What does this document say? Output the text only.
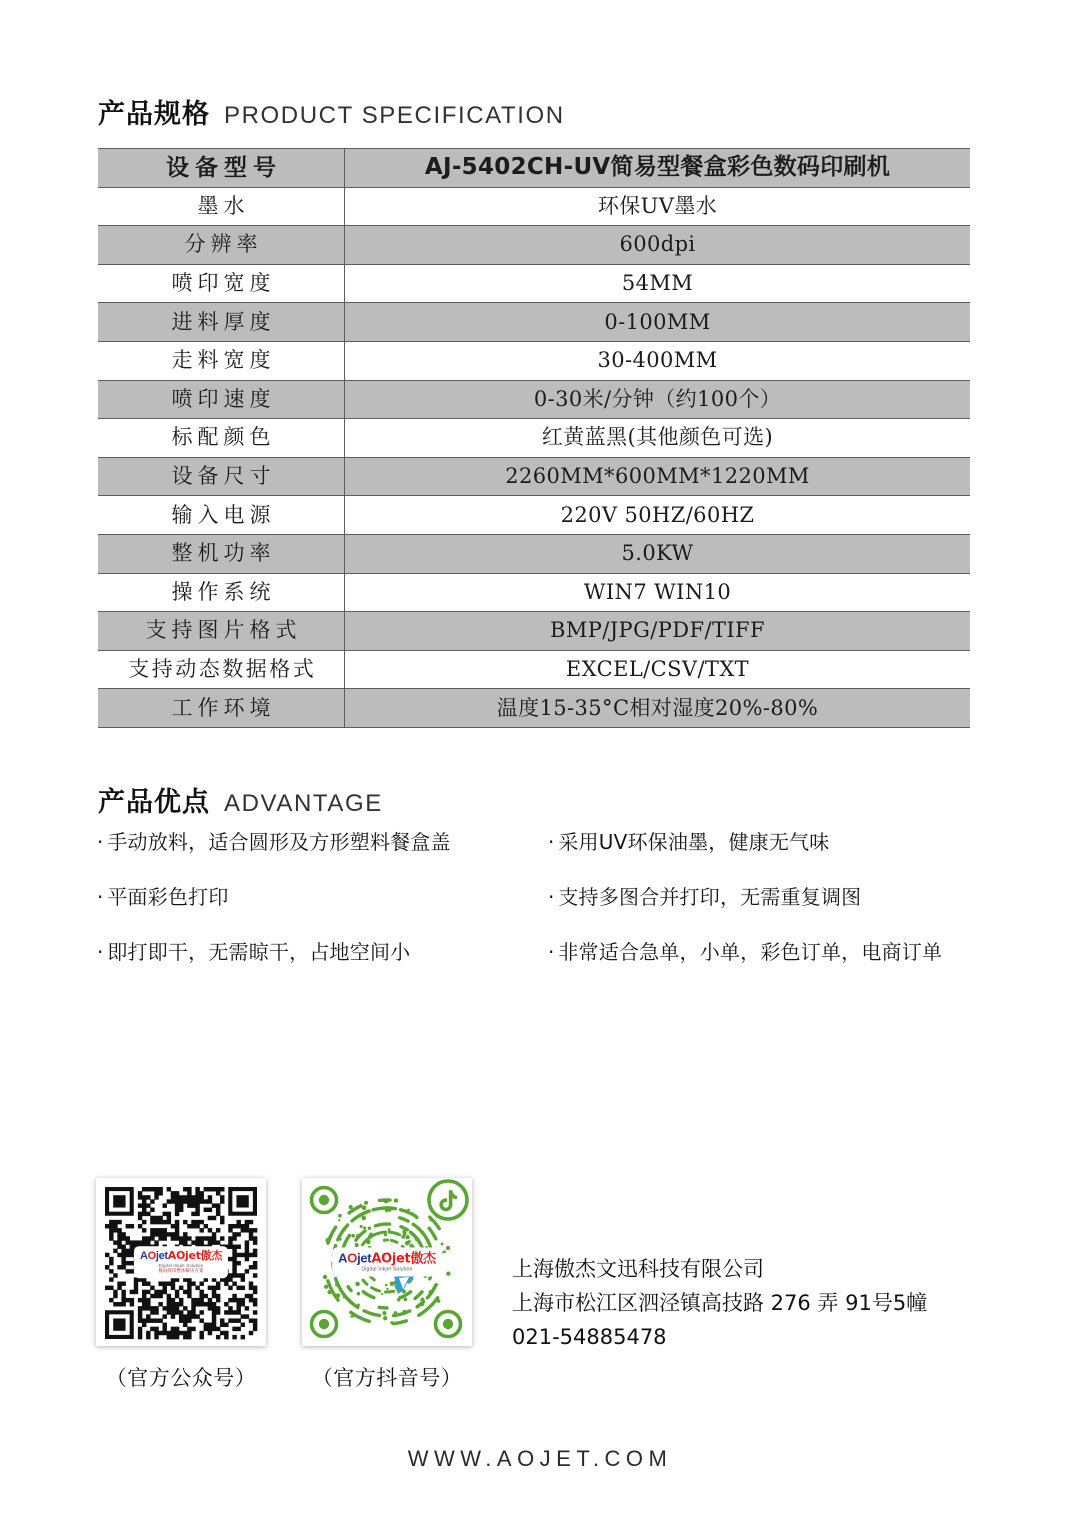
产品规格 PRODUCT SPECIFICATION
设备型号	AJ-5402CH-UV简易型餐盒彩色数码印刷机
墨水	环保UV墨水
分辨率	600dpi
喷印宽度	54MM
进料厚度	0-100MM
走料宽度	30-400MM
喷印速度	0-30米/分钟（约100个）
标配颜色	红黄蓝黑(其他颜色可选)
设备尺寸	2260MM*600MM*1220MM
输入电源	220V 50HZ/60HZ
整机功率	5.0KW
操作系统	WIN7 WIN10
支持图片格式	BMP/JPG/PDF/TIFF
支持动态数据格式	EXCEL/CSV/TXT
工作环境	温度15-35°C相对湿度20%-80%
产品优点 ADVANTAGE
· 手动放料，适合圆形及方形塑料餐盒盖
· 平面彩色打印
· 即打即干，无需晾干，占地空间小
· 采用UV环保油墨，健康无气味
· 支持多图合并打印，无需重复调图
· 非常适合急单，小单，彩色订单，电商订单
AOjetAOjet傲杰
Digital Inkjet Solution
数码喷印整体解决方案
（官方公众号）
AOjetAOjet傲杰
Digital Inkjet Solution
（官方抖音号）
上海傲杰文迅科技有限公司
上海市松江区泗泾镇高技路 276 弄 91号5幢
021-54885478
WWW.AOJET.COM
